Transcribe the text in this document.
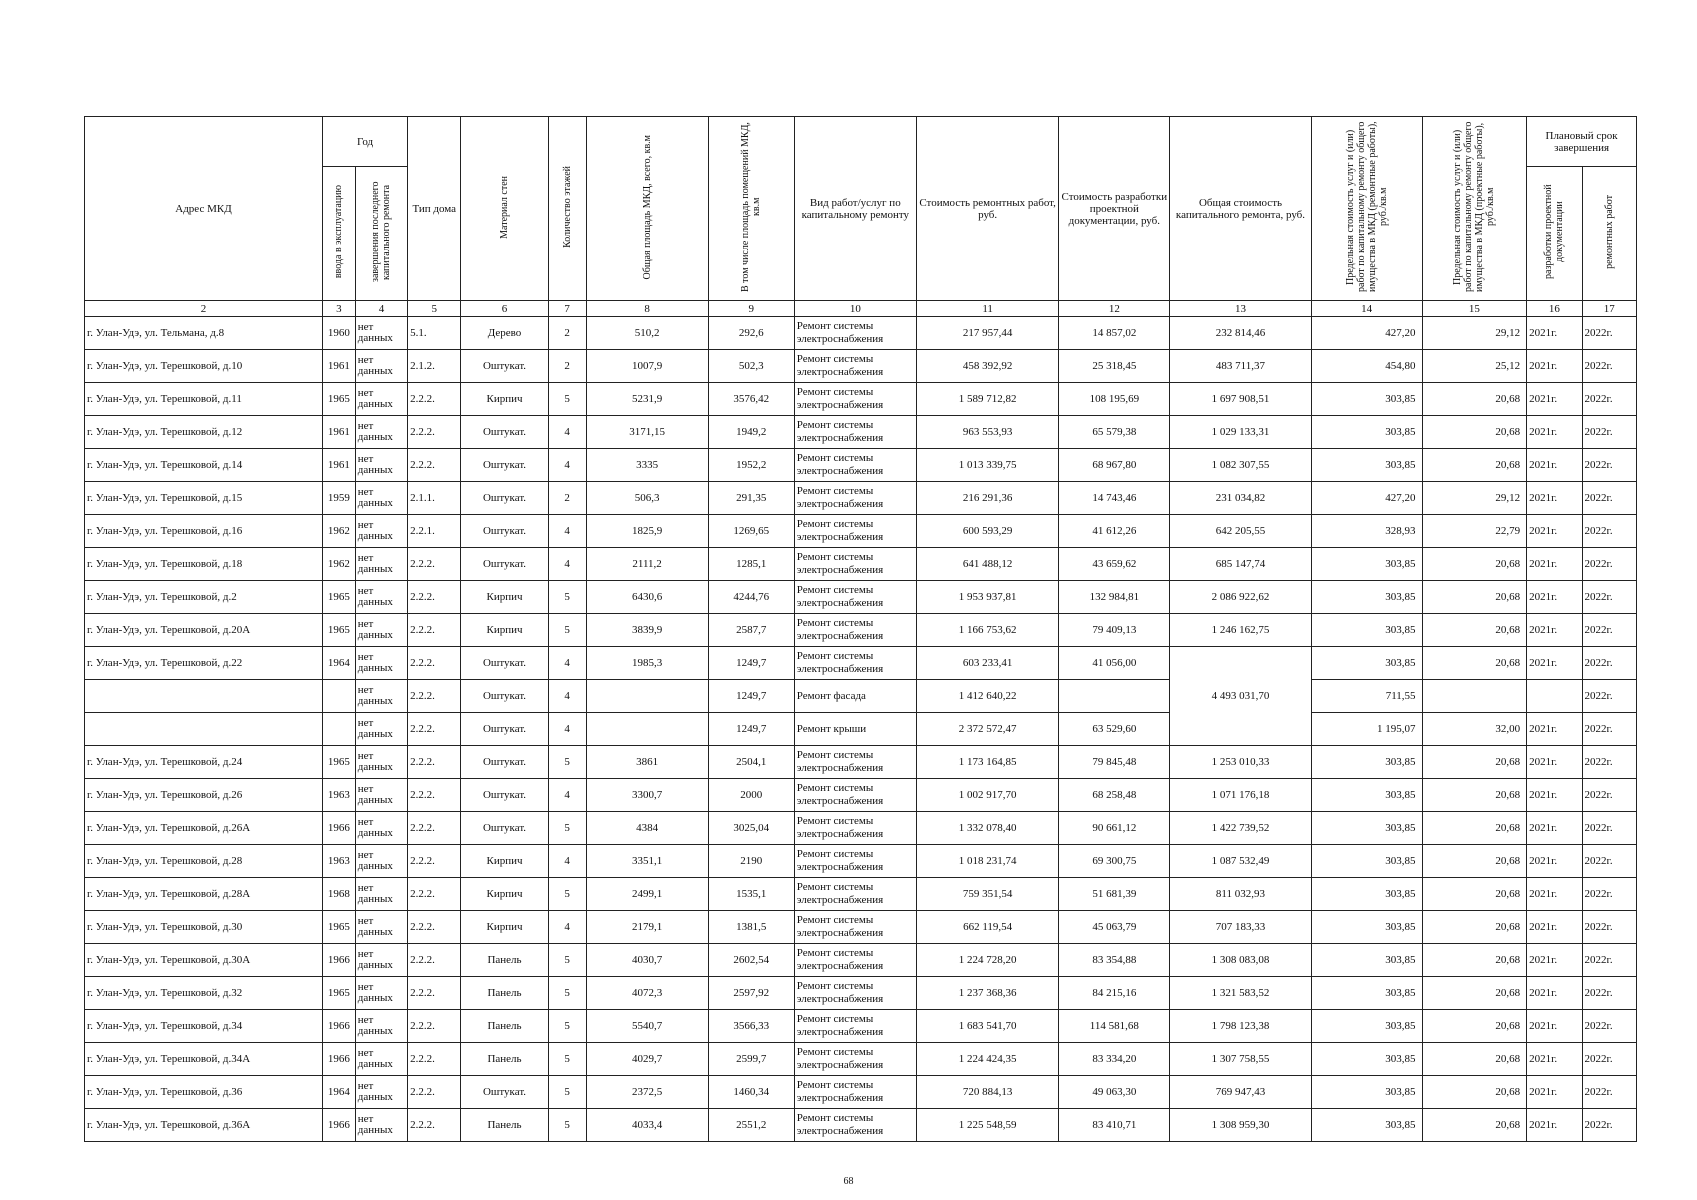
Адрес МКД	Год		Тип дома	Материал стен	Количество этажей	Общая площадь МКД, всего, кв.м	В том числе площадь помещений МКД, кв.м	Вид работ/услуг по капитальному ремонту	Стоимость ремонтных работ, руб.	Стоимость разработки проектной документации, руб.	Общая стоимость капитального ремонта, руб.	Предельная стоимость услуг и (или) работ по капитальному ремонту общего имущества в МКД (ремонтные работы), руб./кв.м	Предельная стоимость услуг и (или) работ по капитальному ремонту общего имущества в МКД (проектные работы), руб./кв.м	Плановый срок завершения	
	ввода в эксплуатацию	завершения последнего капитального ремонта												разработки проектной документации	ремонтных работ
2	3	4	5	6	7	8	9	10	11	12	13	14	15	16	17
г. Улан-Удэ, ул. Тельмана, д.8	1960	нет данных	5.1.	Дерево	2	510,2	292,6	Ремонт системы электроснабжения	217 957,44	14 857,02	232 814,46	427,20	29,12	2021г.	2022г.
г. Улан-Удэ, ул. Терешковой, д.10	1961	нет данных	2.1.2.	Оштукат.	2	1007,9	502,3	Ремонт системы электроснабжения	458 392,92	25 318,45	483 711,37	454,80	25,12	2021г.	2022г.
г. Улан-Удэ, ул. Терешковой, д.11	1965	нет данных	2.2.2.	Кирпич	5	5231,9	3576,42	Ремонт системы электроснабжения	1 589 712,82	108 195,69	1 697 908,51	303,85	20,68	2021г.	2022г.
г. Улан-Удэ, ул. Терешковой, д.12	1961	нет данных	2.2.2.	Оштукат.	4	3171,15	1949,2	Ремонт системы электроснабжения	963 553,93	65 579,38	1 029 133,31	303,85	20,68	2021г.	2022г.
г. Улан-Удэ, ул. Терешковой, д.14	1961	нет данных	2.2.2.	Оштукат.	4	3335	1952,2	Ремонт системы электроснабжения	1 013 339,75	68 967,80	1 082 307,55	303,85	20,68	2021г.	2022г.
г. Улан-Удэ, ул. Терешковой, д.15	1959	нет данных	2.1.1.	Оштукат.	2	506,3	291,35	Ремонт системы электроснабжения	216 291,36	14 743,46	231 034,82	427,20	29,12	2021г.	2022г.
г. Улан-Удэ, ул. Терешковой, д.16	1962	нет данных	2.2.1.	Оштукат.	4	1825,9	1269,65	Ремонт системы электроснабжения	600 593,29	41 612,26	642 205,55	328,93	22,79	2021г.	2022г.
г. Улан-Удэ, ул. Терешковой, д.18	1962	нет данных	2.2.2.	Оштукат.	4	2111,2	1285,1	Ремонт системы электроснабжения	641 488,12	43 659,62	685 147,74	303,85	20,68	2021г.	2022г.
г. Улан-Удэ, ул. Терешковой, д.2	1965	нет данных	2.2.2.	Кирпич	5	6430,6	4244,76	Ремонт системы электроснабжения	1 953 937,81	132 984,81	2 086 922,62	303,85	20,68	2021г.	2022г.
г. Улан-Удэ, ул. Терешковой, д.20А	1965	нет данных	2.2.2.	Кирпич	5	3839,9	2587,7	Ремонт системы электроснабжения	1 166 753,62	79 409,13	1 246 162,75	303,85	20,68	2021г.	2022г.
г. Улан-Удэ, ул. Терешковой, д.22	1964	нет данных	2.2.2.	Оштукат.	4	1985,3	1249,7	Ремонт системы электроснабжения	603 233,41	41 056,00	4 493 031,70	303,85	20,68	2021г.	2022г.
		нет данных	2.2.2.	Оштукат.	4		1249,7	Ремонт фасада	1 412 640,22			711,55			2022г.
		нет данных	2.2.2.	Оштукат.	4		1249,7	Ремонт крыши	2 372 572,47	63 529,60		1 195,07	32,00	2021г.	2022г.
г. Улан-Удэ, ул. Терешковой, д.24	1965	нет данных	2.2.2.	Оштукат.	5	3861	2504,1	Ремонт системы электроснабжения	1 173 164,85	79 845,48	1 253 010,33	303,85	20,68	2021г.	2022г.
г. Улан-Удэ, ул. Терешковой, д.26	1963	нет данных	2.2.2.	Оштукат.	4	3300,7	2000	Ремонт системы электроснабжения	1 002 917,70	68 258,48	1 071 176,18	303,85	20,68	2021г.	2022г.
г. Улан-Удэ, ул. Терешковой, д.26А	1966	нет данных	2.2.2.	Оштукат.	5	4384	3025,04	Ремонт системы электроснабжения	1 332 078,40	90 661,12	1 422 739,52	303,85	20,68	2021г.	2022г.
г. Улан-Удэ, ул. Терешковой, д.28	1963	нет данных	2.2.2.	Кирпич	4	3351,1	2190	Ремонт системы электроснабжения	1 018 231,74	69 300,75	1 087 532,49	303,85	20,68	2021г.	2022г.
г. Улан-Удэ, ул. Терешковой, д.28А	1968	нет данных	2.2.2.	Кирпич	5	2499,1	1535,1	Ремонт системы электроснабжения	759 351,54	51 681,39	811 032,93	303,85	20,68	2021г.	2022г.
г. Улан-Удэ, ул. Терешковой, д.30	1965	нет данных	2.2.2.	Кирпич	4	2179,1	1381,5	Ремонт системы электроснабжения	662 119,54	45 063,79	707 183,33	303,85	20,68	2021г.	2022г.
г. Улан-Удэ, ул. Терешковой, д.30А	1966	нет данных	2.2.2.	Панель	5	4030,7	2602,54	Ремонт системы электроснабжения	1 224 728,20	83 354,88	1 308 083,08	303,85	20,68	2021г.	2022г.
г. Улан-Удэ, ул. Терешковой, д.32	1965	нет данных	2.2.2.	Панель	5	4072,3	2597,92	Ремонт системы электроснабжения	1 237 368,36	84 215,16	1 321 583,52	303,85	20,68	2021г.	2022г.
г. Улан-Удэ, ул. Терешковой, д.34	1966	нет данных	2.2.2.	Панель	5	5540,7	3566,33	Ремонт системы электроснабжения	1 683 541,70	114 581,68	1 798 123,38	303,85	20,68	2021г.	2022г.
г. Улан-Удэ, ул. Терешковой, д.34А	1966	нет данных	2.2.2.	Панель	5	4029,7	2599,7	Ремонт системы электроснабжения	1 224 424,35	83 334,20	1 307 758,55	303,85	20,68	2021г.	2022г.
г. Улан-Удэ, ул. Терешковой, д.36	1964	нет данных	2.2.2.	Оштукат.	5	2372,5	1460,34	Ремонт системы электроснабжения	720 884,13	49 063,30	769 947,43	303,85	20,68	2021г.	2022г.
г. Улан-Удэ, ул. Терешковой, д.36А	1966	нет данных	2.2.2.	Панель	5	4033,4	2551,2	Ремонт системы электроснабжения	1 225 548,59	83 410,71	1 308 959,30	303,85	20,68	2021г.	2022г.
68
